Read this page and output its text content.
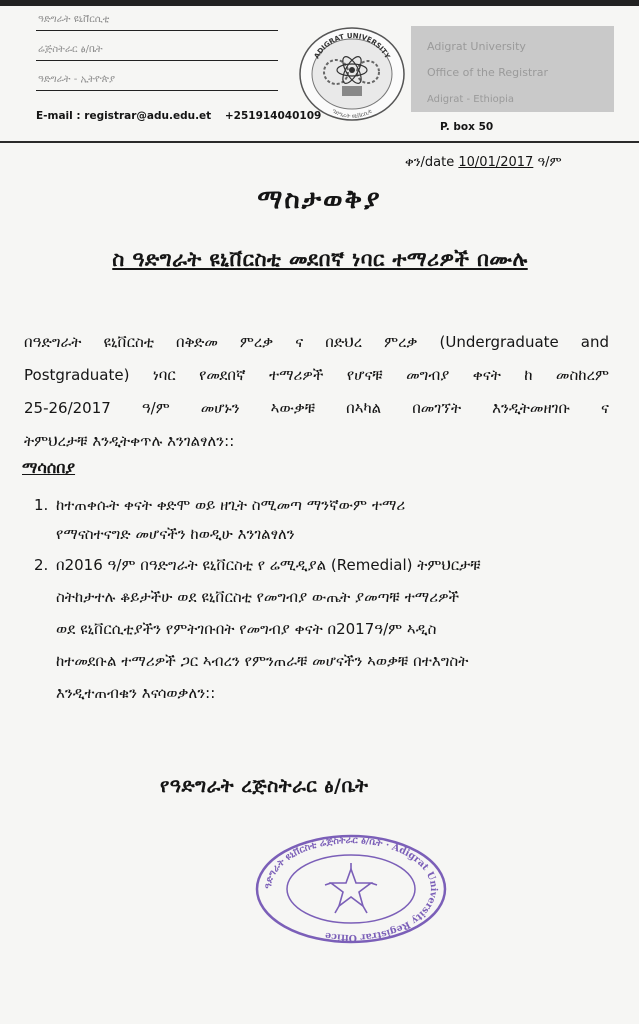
ዓድግራት ዩኒቨርሲቲ
ሬጅስትራር ፅ/ቤት
ዓድግራት - ኢትዮጵያ
E-mail : registrar@adu.edu.et +251914040109
ADIGRAT UNIVERSITY
ዓድግራት ዩኒቨርሲቲ
Adigrat University
Office of the Registrar
Adigrat - Ethiopia
P. box 50
ቀን/date 10/01/2017 ዓ/ም
ማስታወቅያ
ስ ዓድግራት ዩኒቨርስቲ መደበኛ ነባር ተማሪዎች በሙሉ
በዓድግራት ዩኒቨርስቲ በቅድመ ምረቃ ና በድህረ ምረቃ (Undergraduate and
Postgraduate) ነባር የመደበኛ ተማሪዎች የሆናቹ መግብያ ቀናት ከ መስከረም
25-26/2017 ዓ/ም መሆኑን ኣውቃቹ በኣካል በመገኘት እንዲትመዘገቡ ና
ትምህረታቹ እንዲትቀጥሉ እንገልፃለን::
ማሳሰበያ
1. ከተጠቀሱት ቀናት ቀድሞ ወይ ዘጊት ስሚመጣ ማንኛውም ተማሪ
የማናስተናግድ መሆናችን ከወዲሁ እንገልፃለን
2. በ2016 ዓ/ም በዓድግራት ዩኒቨርስቲ የ ሬሚዲያል (Remedial) ትምህርታቹ
ስትከታተሉ ቆይታችሁ ወደ ዩኒቨርስቲ የመግብያ ውጤት ያመጣቹ ተማሪዎች
ወደ ዩኒቨርሲቲያችን የምትገቡበት የመግብያ ቀናት በ2017ዓ/ም ኣዲስ
ከተመደቡል ተማሪዎች ጋር ኣብረን የምንጠራቹ መሆናችን ኣወቃቹ በተእግስት
እንዲተጠብቁን እናሳወቃለን::
የዓድግራት ረጅስትራር ፅ/ቤት
ዓድግራት ዩኒቨርስቲ ሬጅስትራር ፅ/ቤት · Adigrat University Registrar Office
